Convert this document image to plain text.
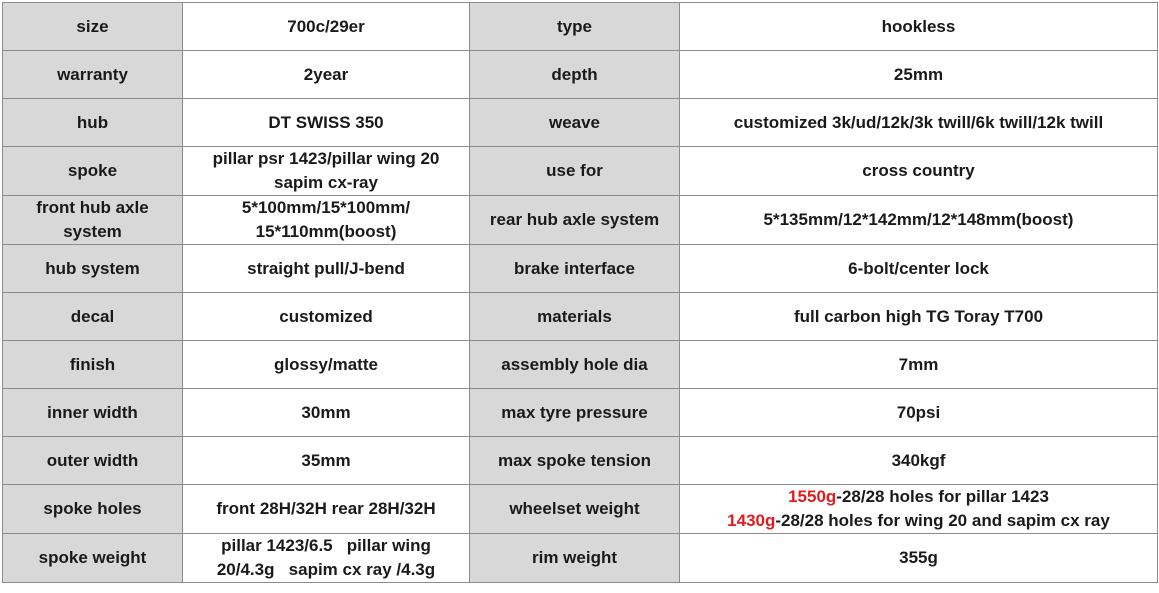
size	700c/29er	type	hookless

warranty	2year	depth	25mm

hub	DT SWISS 350	weave	customized 3k/ud/12k/3k twill/6k twill/12k twill

spoke	pillar psr 1423/pillar wing 20
sapim cx-ray	use for	cross country

front hub axle
system	5*100mm/15*100mm/
15*110mm(boost)	rear hub axle system	5*135mm/12*142mm/12*148mm(boost)

hub system	straight pull/J-bend	brake interface	6-bolt/center lock

decal	customized	materials	full carbon high TG Toray T700

finish	glossy/matte	assembly hole dia	7mm

inner width	30mm	max tyre pressure	70psi

outer width	35mm	max spoke tension	340kgf

spoke holes	front 28H/32H rear 28H/32H	wheelset weight	1550g-28/28 holes for pillar 1423
1430g-28/28 holes for wing 20 and sapim cx ray

spoke weight	pillar 1423/6.5   pillar wing
20/4.3g   sapim cx ray /4.3g	rim weight	355g
